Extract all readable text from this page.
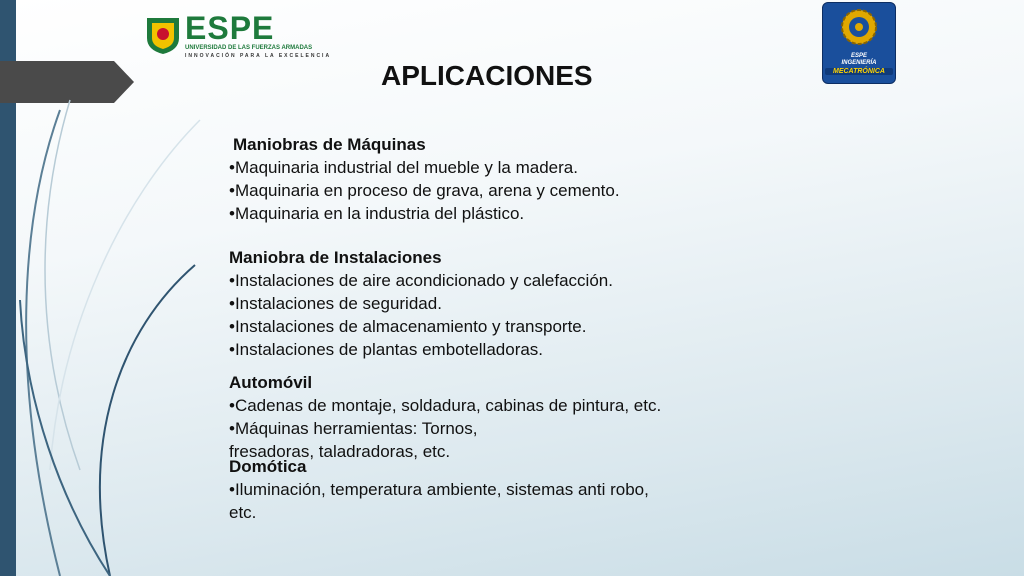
ESPE
UNIVERSIDAD DE LAS FUERZAS ARMADAS
INNOVACIÓN PARA LA EXCELENCIA	ESPE
INGENIERÍA
MECATRÓNICA
APLICACIONES
Maniobras de Máquinas
•Maquinaria industrial del mueble y la madera.
•Maquinaria en proceso de grava, arena y cemento.
•Maquinaria en la industria del plástico.
Maniobra de Instalaciones
•Instalaciones de aire acondicionado y calefacción.
•Instalaciones de seguridad.
•Instalaciones de almacenamiento y transporte.
•Instalaciones de plantas embotelladoras.
Automóvil
•Cadenas de montaje, soldadura, cabinas de pintura, etc.
•Máquinas herramientas: Tornos,
fresadoras, taladradoras, etc.
Domótica
•Iluminación, temperatura ambiente, sistemas anti robo,
etc.
